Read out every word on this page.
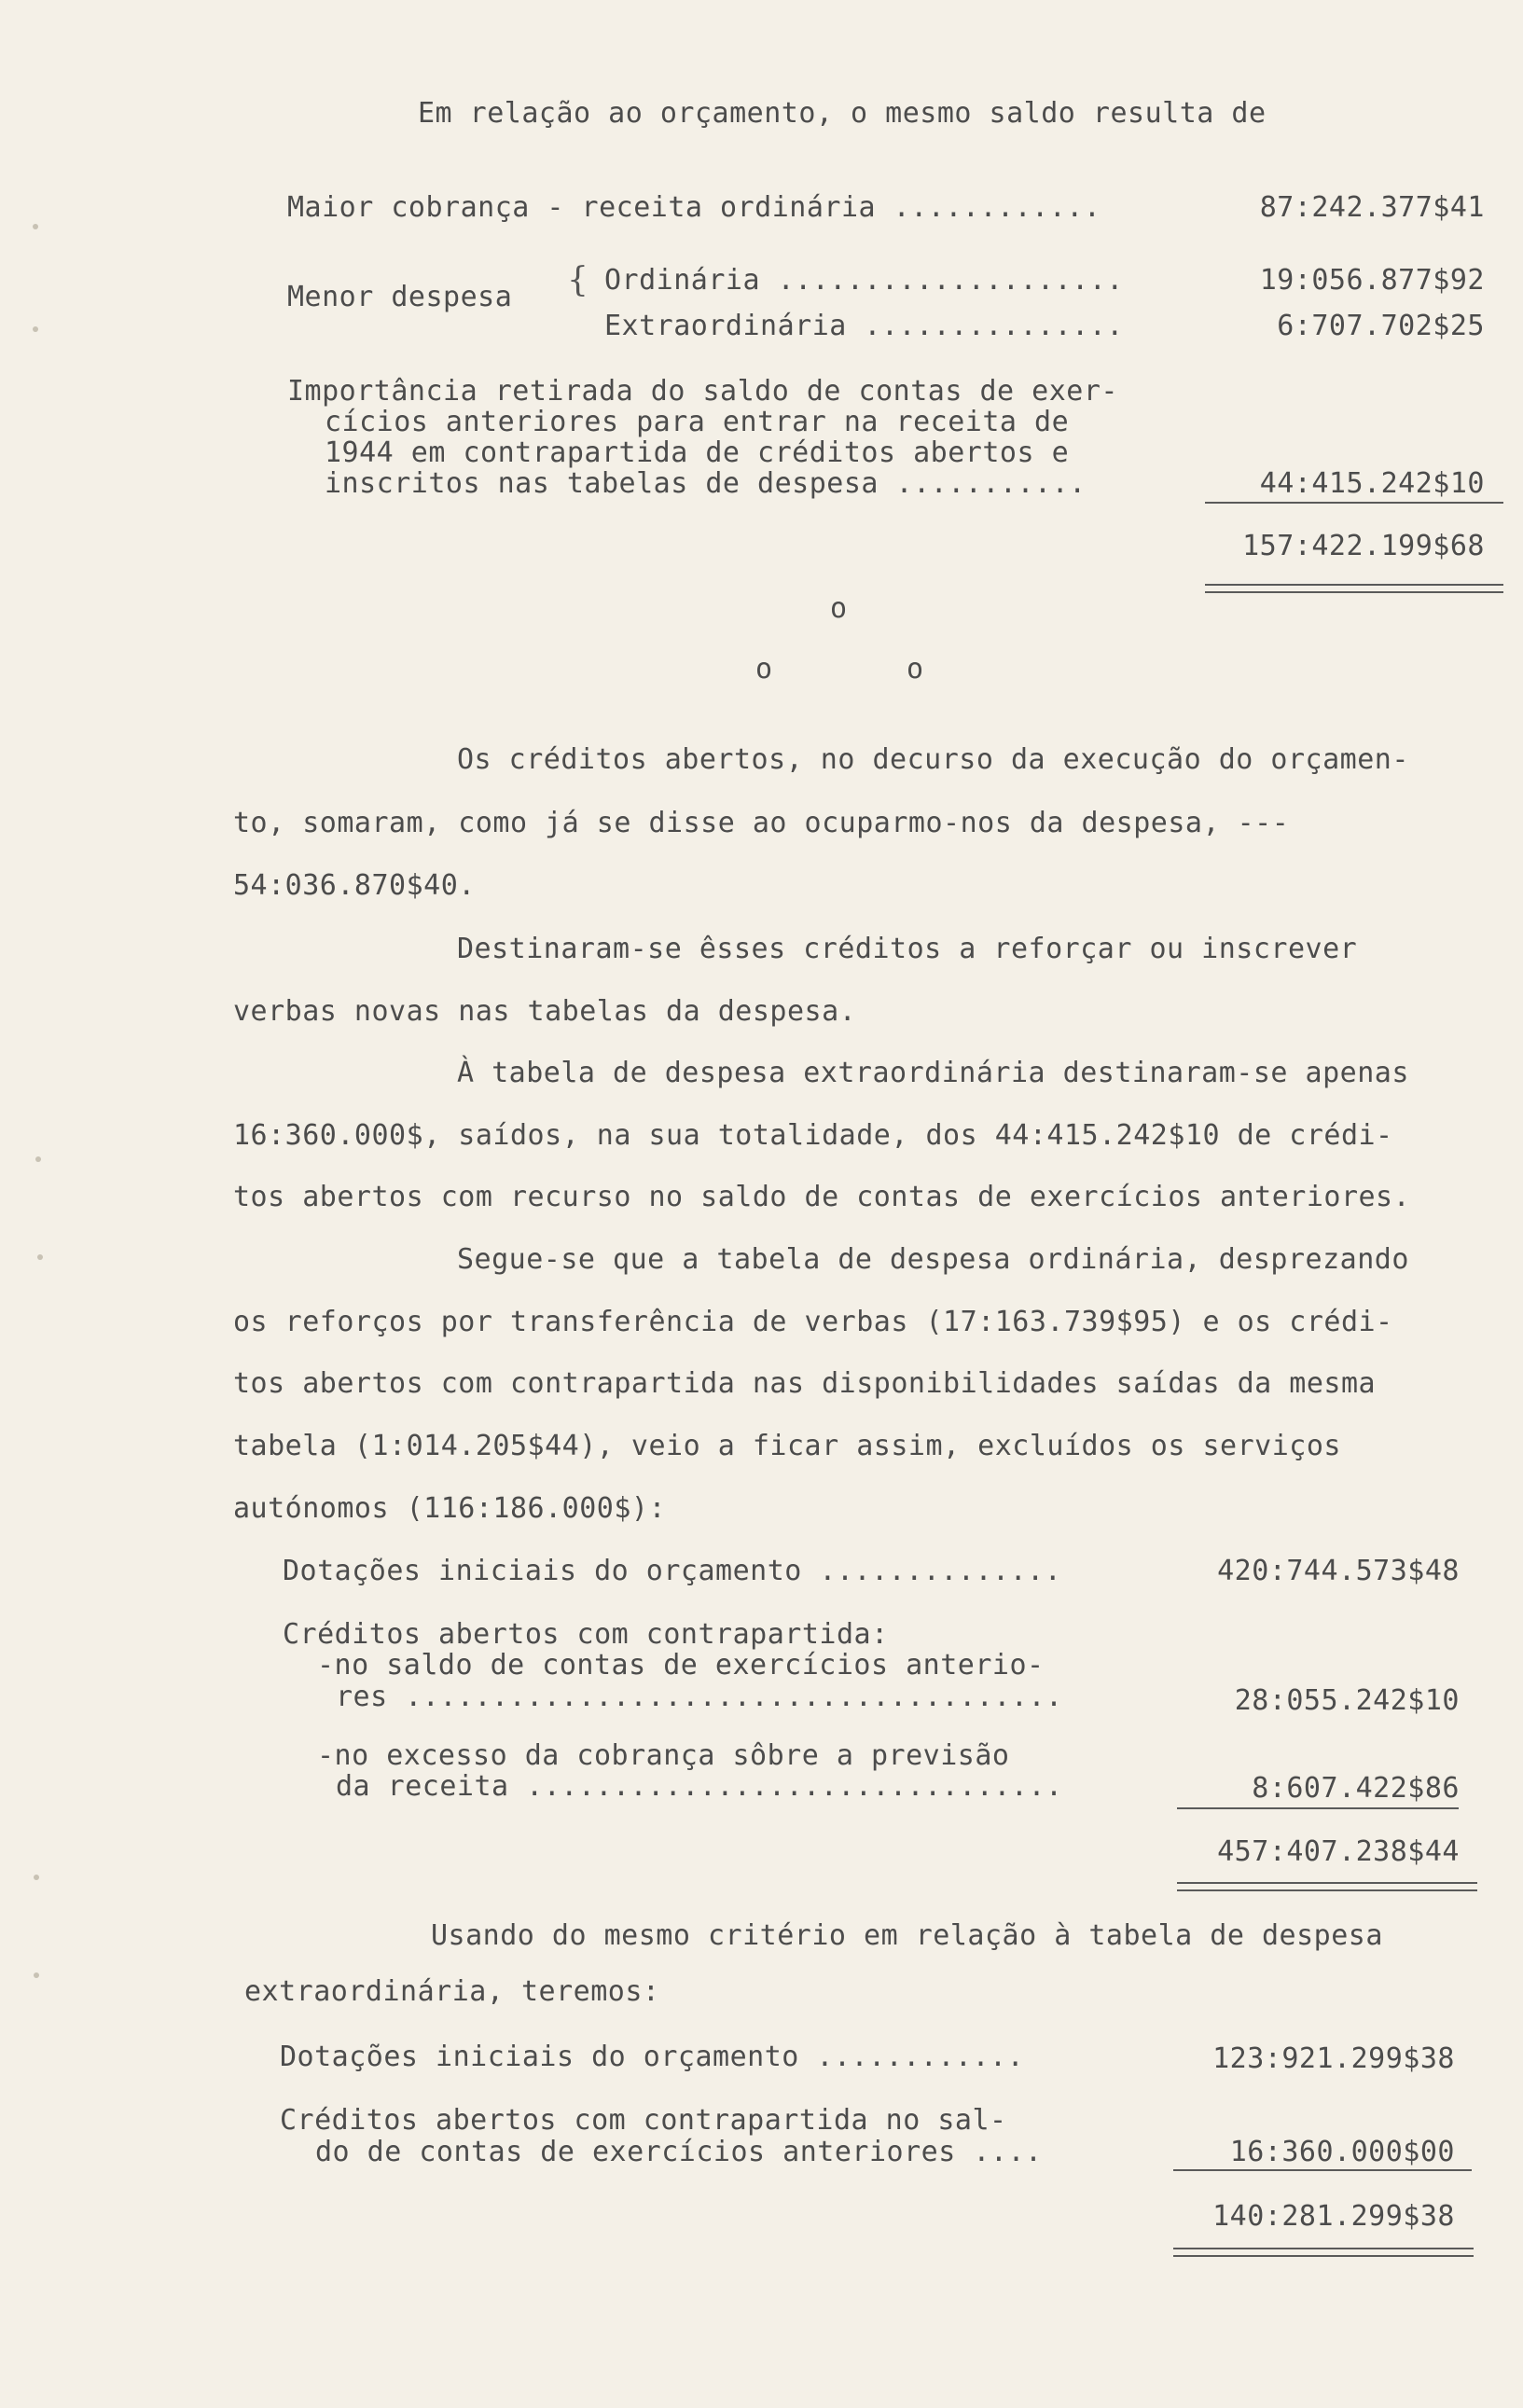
Em relação ao orçamento, o mesmo saldo resulta de
Maior cobrança - receita ordinária ............	87:242.377$41
Menor despesa { Ordinária ....................	19:056.877$92
Extraordinária ...............	6:707.702$25
Importância retirada do saldo de contas de exer-
cícios anteriores para entrar na receita de
1944 em contrapartida de créditos abertos e
inscritos nas tabelas de despesa ...........	44:415.242$10
157:422.199$68
o
o	o
Os créditos abertos, no decurso da execução do orçamen-
to, somaram, como já se disse ao ocuparmo-nos da despesa, ---
54:036.870$40.
Destinaram-se êsses créditos a reforçar ou inscrever
verbas novas nas tabelas da despesa.
À tabela de despesa extraordinária destinaram-se apenas
16:360.000$, saídos, na sua totalidade, dos 44:415.242$10 de crédi-
tos abertos com recurso no saldo de contas de exercícios anteriores.
Segue-se que a tabela de despesa ordinária, desprezando
os reforços por transferência de verbas (17:163.739$95) e os crédi-
tos abertos com contrapartida nas disponibilidades saídas da mesma
tabela (1:014.205$44), veio a ficar assim, excluídos os serviços
autónomos (116:186.000$):
Dotações iniciais do orçamento ..............	420:744.573$48
Créditos abertos com contrapartida:
-no saldo de contas de exercícios anterio-
res ......................................	28:055.242$10
-no excesso da cobrança sôbre a previsão
da receita ...............................	8:607.422$86
457:407.238$44
Usando do mesmo critério em relação à tabela de despesa
extraordinária, teremos:
Dotações iniciais do orçamento ............	123:921.299$38
Créditos abertos com contrapartida no sal-
do de contas de exercícios anteriores ....	16:360.000$00
140:281.299$38
